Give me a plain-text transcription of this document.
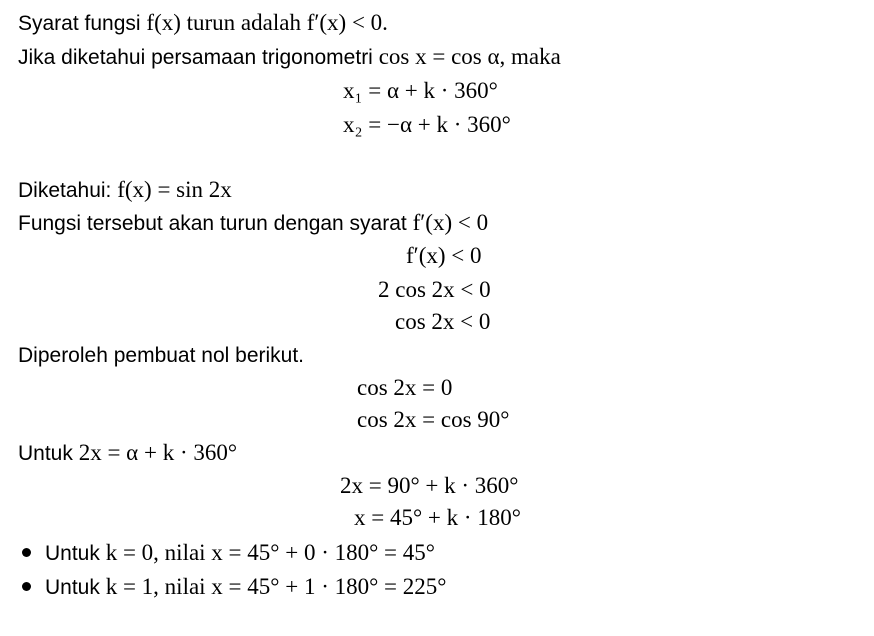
Syarat fungsi f(x) turun adalah f′(x) < 0.
Jika diketahui persamaan trigonometri cos x = cos α, maka
x₁ = α + k · 360°
x₂ = −α + k · 360°
Diketahui: f(x) = sin 2x
Fungsi tersebut akan turun dengan syarat f′(x) < 0
f′(x) < 0
2 cos 2x < 0
cos 2x < 0
Diperoleh pembuat nol berikut.
cos 2x = 0
cos 2x = cos 90°
Untuk 2x = α + k · 360°
2x = 90° + k · 360°
x = 45° + k · 180°
Untuk k = 0, nilai x = 45° + 0 · 180° = 45°
Untuk k = 1, nilai x = 45° + 1 · 180° = 225°
